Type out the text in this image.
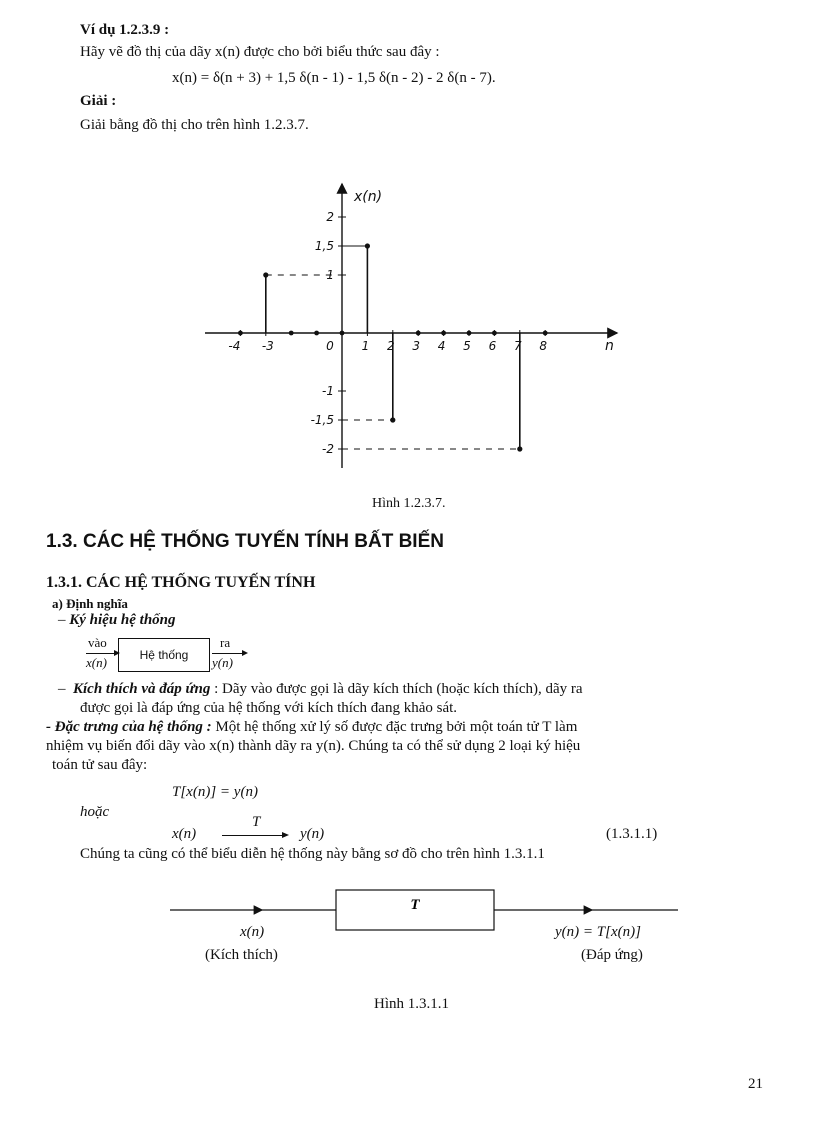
Ví dụ 1.2.3.9 :
Hãy vẽ đồ thị của dãy x(n) được cho bởi biểu thức sau đây :
x(n) = δ(n + 3) + 1,5 δ(n - 1) - 1,5 δ(n - 2) - 2 δ(n - 7).
Giải :
Giải bằng đồ thị cho trên hình 1.2.3.7.
2
1,5
1
-1
-1,5
-2
-4 -3	0 1 2 3 4 5 6 7 8
x(n)
n
Hình 1.2.3.7.
1.3. CÁC HỆ THỐNG TUYẾN TÍNH BẤT BIẾN
1.3.1. CÁC HỆ THỐNG TUYẾN TÍNH
a) Định nghĩa
– Ký hiệu hệ thống
vào
x(n)	Hệ thống
ra
y(n)
–  Kích thích và đáp ứng : Dãy vào được gọi là dãy kích thích (hoặc kích thích), dãy ra
được gọi là đáp ứng của hệ thống với kích thích đang khảo sát.
- Đặc trưng của hệ thống : Một hệ thống xử lý số được đặc trưng bởi một toán tử T làm
nhiệm vụ biến đổi dãy vào x(n) thành dãy ra y(n). Chúng ta có thể sử dụng 2 loại ký hiệu
toán tử sau đây:
T[x(n)] = y(n)
hoặc
x(n)
T
y(n)	(1.3.1.1)
Chúng ta cũng có thể biểu diễn hệ thống này bằng sơ đồ cho trên hình 1.3.1.1
T
x(n)
(Kích thích)
y(n) = T[x(n)]
(Đáp ứng)
Hình 1.3.1.1
21
